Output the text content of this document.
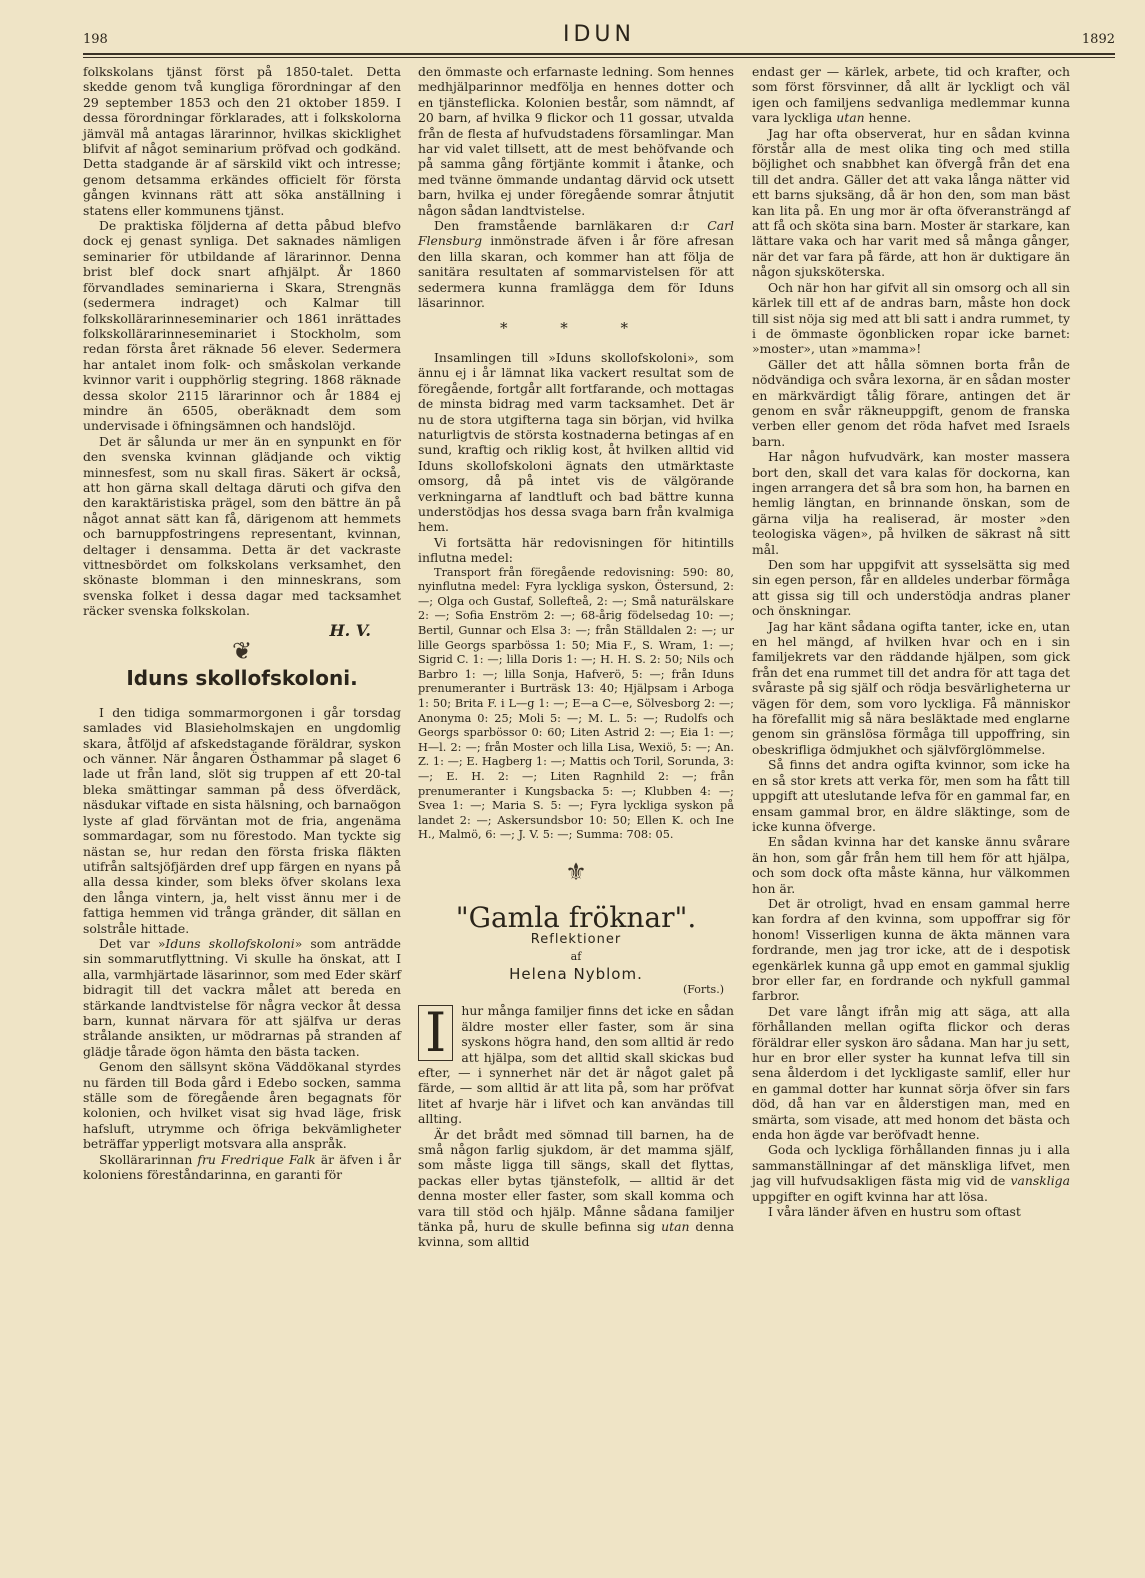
198	IDUN	1892

folkskolans tjänst först på 1850-talet. Detta skedde genom två kungliga förordningar af den 29 september 1853 och den 21 oktober 1859. I dessa förordningar förklarades, att i folkskolorna jämväl må antagas lärarinnor, hvilkas skicklighet blifvit af något seminarium pröfvad och godkänd. Detta stadgande är af särskild vikt och intresse; genom detsamma erkändes officielt för första gången kvinnans rätt att söka anställning i statens eller kommunens tjänst.

De praktiska följderna af detta påbud blefvo dock ej genast synliga. Det saknades nämligen seminarier för utbildande af lärarinnor. Denna brist blef dock snart afhjälpt. År 1860 förvandlades seminarierna i Skara, Strengnäs (sedermera indraget) och Kalmar till folkskollärarinneseminarier och 1861 inrättades folkskollärarinneseminariet i Stockholm, som redan första året räknade 56 elever. Sedermera har antalet inom folk- och småskolan verkande kvinnor varit i oupphörlig stegring. 1868 räknade dessa skolor 2115 lärarinnor och år 1884 ej mindre än 6505, oberäknadt dem som undervisade i öfningsämnen och handslöjd.

Det är sålunda ur mer än en synpunkt en för den svenska kvinnan glädjande och viktig minnesfest, som nu skall firas. Säkert är också, att hon gärna skall deltaga däruti och gifva den den karaktäristiska prägel, som den bättre än på något annat sätt kan få, därigenom att hemmets och barnuppfostringens representant, kvinnan, deltager i densamma. Detta är det vackraste vittnesbördet om folkskolans verksamhet, den skönaste blomman i den minneskrans, som svenska folket i dessa dagar med tacksamhet räcker svenska folkskolan.

H. V.
❦
Iduns skollofskoloni.

I den tidiga sommarmorgonen i går torsdag samlades vid Blasieholmskajen en ungdomlig skara, åtföljd af afskedstagande föräldrar, syskon och vänner. När ångaren Östhammar på slaget 6 lade ut från land, slöt sig truppen af ett 20-tal bleka smättingar samman på dess öfverdäck, näsdukar viftade en sista hälsning, och barnaögon lyste af glad förväntan mot de fria, angenäma sommardagar, som nu förestodo. Man tyckte sig nästan se, hur redan den första friska fläkten utifrån saltsjöfjärden dref upp färgen en nyans på alla dessa kinder, som bleks öfver skolans lexa den långa vintern, ja, helt visst ännu mer i de fattiga hemmen vid trånga gränder, dit sällan en solstråle hittade.

Det var »Iduns skollofskoloni» som anträdde sin sommarutflyttning. Vi skulle ha önskat, att I alla, varmhjärtade läsarinnor, som med Eder skärf bidragit till det vackra målet att bereda en stärkande landtvistelse för några veckor åt dessa barn, kunnat närvara för att själfva ur deras strålande ansikten, ur mödrarnas på stranden af glädje tårade ögon hämta den bästa tacken.

Genom den sällsynt sköna Väddökanal styrdes nu färden till Boda gård i Edebo socken, samma ställe som de föregående åren begagnats för kolonien, och hvilket visat sig hvad läge, frisk hafsluft, utrymme och öfriga bekvämligheter beträffar ypperligt motsvara alla anspråk.

Skollärarinnan fru Fredrique Falk är äfven i år koloniens föreståndarinna, en garanti för

den ömmaste och erfarnaste ledning. Som hennes medhjälparinnor medfölja en hennes dotter och en tjänsteflicka. Kolonien består, som nämndt, af 20 barn, af hvilka 9 flickor och 11 gossar, utvalda från de flesta af hufvudstadens församlingar. Man har vid valet tillsett, att de mest behöfvande och på samma gång förtjänte kommit i åtanke, och med tvänne ömmande undantag därvid ock utsett barn, hvilka ej under föregående somrar åtnjutit någon sådan landtvistelse.

Den framstående barnläkaren d:r Carl Flensburg inmönstrade äfven i år före afresan den lilla skaran, och kommer han att följa de sanitära resultaten af sommarvistelsen för att sedermera kunna framlägga dem för Iduns läsarinnor.

* * *

Insamlingen till »Iduns skollofskoloni», som ännu ej i år lämnat lika vackert resultat som de föregående, fortgår allt fortfarande, och mottagas de minsta bidrag med varm tacksamhet. Det är nu de stora utgifterna taga sin början, vid hvilka naturligtvis de största kostnaderna betingas af en sund, kraftig och riklig kost, åt hvilken alltid vid Iduns skollofskoloni ägnats den utmärktaste omsorg, då på intet vis de välgörande verkningarna af landtluft och bad bättre kunna understödjas hos dessa svaga barn från kvalmiga hem.

Vi fortsätta här redovisningen för hitintills influtna medel:

Transport från föregående redovisning: 590: 80, nyinflutna medel: Fyra lyckliga syskon, Östersund, 2: —; Olga och Gustaf, Sollefteå, 2: —; Små naturälskare 2: —; Sofia Enström 2: —; 68-årig födelsedag 10: —; Bertil, Gunnar och Elsa 3: —; från Ställdalen 2: —; ur lille Georgs sparbössa 1: 50; Mia F., S. Wram, 1: —; Sigrid C. 1: —; lilla Doris 1: —; H. H. S. 2: 50; Nils och Barbro 1: —; lilla Sonja, Hafverö, 5: —; från Iduns prenumeranter i Burträsk 13: 40; Hjälpsam i Arboga 1: 50; Brita F. i L—g 1: —; E—a C—e, Sölvesborg 2: —; Anonyma 0: 25; Moli 5: —; M. L. 5: —; Rudolfs och Georgs sparbössor 0: 60; Liten Astrid 2: —; Eia 1: —; H—l. 2: —; från Moster och lilla Lisa, Wexiö, 5: —; An. Z. 1: —; E. Hagberg 1: —; Mattis och Toril, Sorunda, 3: —; E. H. 2: —; Liten Ragnhild 2: —; från prenumeranter i Kungsbacka 5: —; Klubben 4: —; Svea 1: —; Maria S. 5: —; Fyra lyckliga syskon på landet 2: —; Askersundsbor 10: 50; Ellen K. och Ine H., Malmö, 6: —; J. V. 5: —; Summa: 708: 05.

⚜
"Gamla fröknar".
Reflektioner
af
Helena Nyblom.
(Forts.)

I	hur många familjer finns det icke en sådan äldre moster eller faster, som är sina syskons högra hand, den som alltid är redo att hjälpa, som det alltid skall skickas bud efter, — i synnerhet när det är något galet på färde, — som alltid är att lita på, som har pröfvat litet af hvarje här i lifvet och kan användas till allting.

Är det brådt med sömnad till barnen, ha de små någon farlig sjukdom, är det mamma själf, som måste ligga till sängs, skall det flyttas, packas eller bytas tjänstefolk, — alltid är det denna moster eller faster, som skall komma och vara till stöd och hjälp. Månne sådana familjer tänka på, huru de skulle befinna sig utan denna kvinna, som alltid

endast ger — kärlek, arbete, tid och krafter, och som först försvinner, då allt är lyckligt och väl igen och familjens sedvanliga medlemmar kunna vara lyckliga utan henne.

Jag har ofta observerat, hur en sådan kvinna förstår alla de mest olika ting och med stilla böjlighet och snabbhet kan öfvergå från det ena till det andra. Gäller det att vaka långa nätter vid ett barns sjuksäng, då är hon den, som man bäst kan lita på. En ung mor är ofta öfveransträngd af att få och sköta sina barn. Moster är starkare, kan lättare vaka och har varit med så många gånger, när det var fara på färde, att hon är duktigare än någon sjuksköterska.

Och när hon har gifvit all sin omsorg och all sin kärlek till ett af de andras barn, måste hon dock till sist nöja sig med att bli satt i andra rummet, ty i de ömmaste ögonblicken ropar icke barnet: »moster», utan »mamma»!

Gäller det att hålla sömnen borta från de nödvändiga och svåra lexorna, är en sådan moster en märkvärdigt tålig förare, antingen det är genom en svår räkneuppgift, genom de franska verben eller genom det röda hafvet med Israels barn.

Har någon hufvudvärk, kan moster massera bort den, skall det vara kalas för dockorna, kan ingen arrangera det så bra som hon, ha barnen en hemlig längtan, en brinnande önskan, som de gärna vilja ha realiserad, är moster »den teologiska vägen», på hvilken de säkrast nå sitt mål.

Den som har uppgifvit att sysselsätta sig med sin egen person, får en alldeles underbar förmåga att gissa sig till och understödja andras planer och önskningar.

Jag har känt sådana ogifta tanter, icke en, utan en hel mängd, af hvilken hvar och en i sin familjekrets var den räddande hjälpen, som gick från det ena rummet till det andra för att taga det svåraste på sig själf och rödja besvärligheterna ur vägen för dem, som voro lyckliga. Få människor ha förefallit mig så nära besläktade med englarne genom sin gränslösa förmåga till uppoffring, sin obeskrifliga ödmjukhet och självförglömmelse.

Så finns det andra ogifta kvinnor, som icke ha en så stor krets att verka för, men som ha fått till uppgift att uteslutande lefva för en gammal far, en ensam gammal bror, en äldre släktinge, som de icke kunna öfverge.

En sådan kvinna har det kanske ännu svårare än hon, som går från hem till hem för att hjälpa, och som dock ofta måste känna, hur välkommen hon är.

Det är otroligt, hvad en ensam gammal herre kan fordra af den kvinna, som uppoffrar sig för honom! Visserligen kunna de äkta männen vara fordrande, men jag tror icke, att de i despotisk egenkärlek kunna gå upp emot en gammal sjuklig bror eller far, en fordrande och nykfull gammal farbror.

Det vare långt ifrån mig att säga, att alla förhållanden mellan ogifta flickor och deras föräldrar eller syskon äro sådana. Man har ju sett, hur en bror eller syster ha kunnat lefva till sin sena ålderdom i det lyckligaste samlif, eller hur en gammal dotter har kunnat sörja öfver sin fars död, då han var en ålderstigen man, med en smärta, som visade, att med honom det bästa och enda hon ägde var beröfvadt henne.

Goda och lyckliga förhållanden finnas ju i alla sammanställningar af det mänskliga lifvet, men jag vill hufvudsakligen fästa mig vid de vanskliga uppgifter en ogift kvinna har att lösa.

I våra länder äfven en hustru som oftast
